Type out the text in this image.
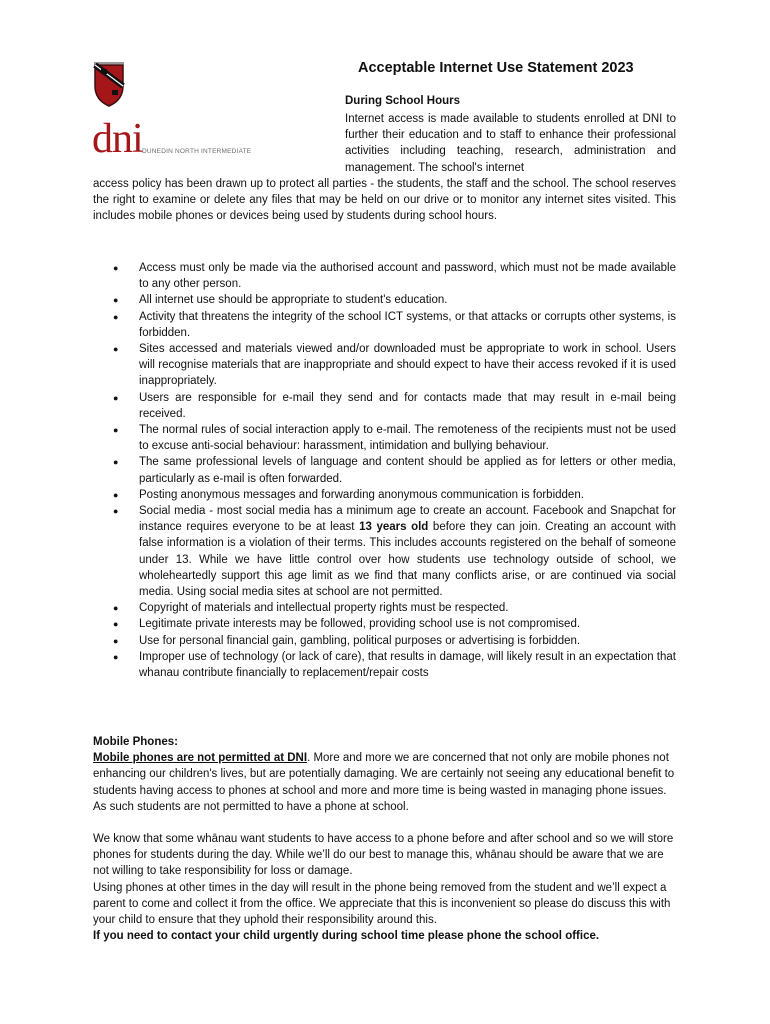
dni DUNEDIN NORTH INTERMEDIATE
Acceptable Internet Use Statement 2023
During School Hours
Internet access is made available to students enrolled at DNI to further their education and to staff to enhance their professional activities including teaching, research, administration and management. The school's internet
access policy has been drawn up to protect all parties - the students, the staff and the school. The school reserves the right to examine or delete any files that may be held on our drive or to monitor any internet sites visited. This includes mobile phones or devices being used by students during school hours.
● Access must only be made via the authorised account and password, which must not be made available to any other person.
● All internet use should be appropriate to student's education.
● Activity that threatens the integrity of the school ICT systems, or that attacks or corrupts other systems, is forbidden.
● Sites accessed and materials viewed and/or downloaded must be appropriate to work in school. Users will recognise materials that are inappropriate and should expect to have their access revoked if it is used inappropriately.
● Users are responsible for e-mail they send and for contacts made that may result in e-mail being received.
● The normal rules of social interaction apply to e-mail. The remoteness of the recipients must not be used to excuse anti-social behaviour: harassment, intimidation and bullying behaviour.
● The same professional levels of language and content should be applied as for letters or other media, particularly as e-mail is often forwarded.
● Posting anonymous messages and forwarding anonymous communication is forbidden.
● Social media - most social media has a minimum age to create an account. Facebook and Snapchat for instance requires everyone to be at least 13 years old before they can join. Creating an account with false information is a violation of their terms. This includes accounts registered on the behalf of someone under 13. While we have little control over how students use technology outside of school, we wholeheartedly support this age limit as we find that many conflicts arise, or are continued via social media. Using social media sites at school are not permitted.
● Copyright of materials and intellectual property rights must be respected.
● Legitimate private interests may be followed, providing school use is not compromised.
● Use for personal financial gain, gambling, political purposes or advertising is forbidden.
● Improper use of technology (or lack of care), that results in damage, will likely result in an expectation that whanau contribute financially to replacement/repair costs

Mobile Phones:

Mobile phones are not permitted at DNI. More and more we are concerned that not only are mobile phones not enhancing our children's lives, but are potentially damaging. We are certainly not seeing any educational benefit to students having access to phones at school and more and more time is being wasted in managing phone issues. As such students are not permitted to have a phone at school.

We know that some whānau want students to have access to a phone before and after school and so we will store phones for students during the day. While we’ll do our best to manage this, whānau should be aware that we are not willing to take responsibility for loss or damage.

Using phones at other times in the day will result in the phone being removed from the student and we’ll expect a parent to come and collect it from the office. We appreciate that this is inconvenient so please do discuss this with your child to ensure that they uphold their responsibility around this.

If you need to contact your child urgently during school time please phone the school office.
